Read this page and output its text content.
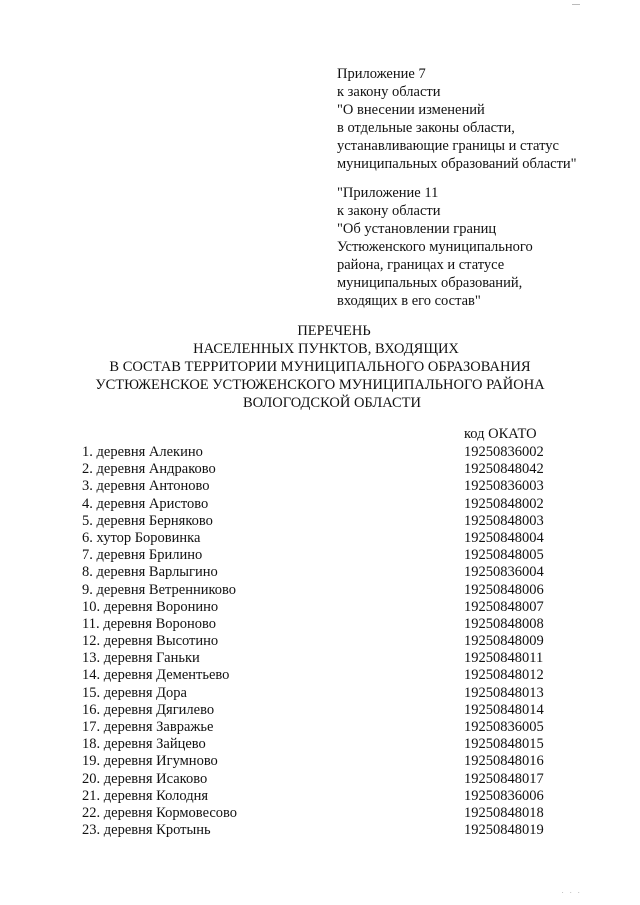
Приложение 7
к закону области
"О внесении изменений
в отдельные законы области,
устанавливающие границы и статус
муниципальных образований области"
"Приложение 11
к закону области
"Об установлении границ
Устюженского муниципального
района, границах и статусе
муниципальных образований,
входящих в его состав"
ПЕРЕЧЕНЬ
НАСЕЛЕННЫХ ПУНКТОВ, ВХОДЯЩИХ
В СОСТАВ ТЕРРИТОРИИ МУНИЦИПАЛЬНОГО ОБРАЗОВАНИЯ
УСТЮЖЕНСКОЕ УСТЮЖЕНСКОГО МУНИЦИПАЛЬНОГО РАЙОНА
ВОЛОГОДСКОЙ ОБЛАСТИ
код ОКАТО
1. деревня Алекино	19250836002
2. деревня Андраково	19250848042
3. деревня Антоново	19250836003
4. деревня Аристово	19250848002
5. деревня Берняково	19250848003
6. хутор Боровинка	19250848004
7. деревня Брилино	19250848005
8. деревня Варлыгино	19250836004
9. деревня Ветренниково	19250848006
10. деревня Воронино	19250848007
11. деревня Вороново	19250848008
12. деревня Высотино	19250848009
13. деревня Ганьки	19250848011
14. деревня Дементьево	19250848012
15. деревня Дора	19250848013
16. деревня Дягилево	19250848014
17. деревня Завражье	19250836005
18. деревня Зайцево	19250848015
19. деревня Игумново	19250848016
20. деревня Исаково	19250848017
21. деревня Колодня	19250836006
22. деревня Кормовесово	19250848018
23. деревня Кротынь	19250848019
· · ·
